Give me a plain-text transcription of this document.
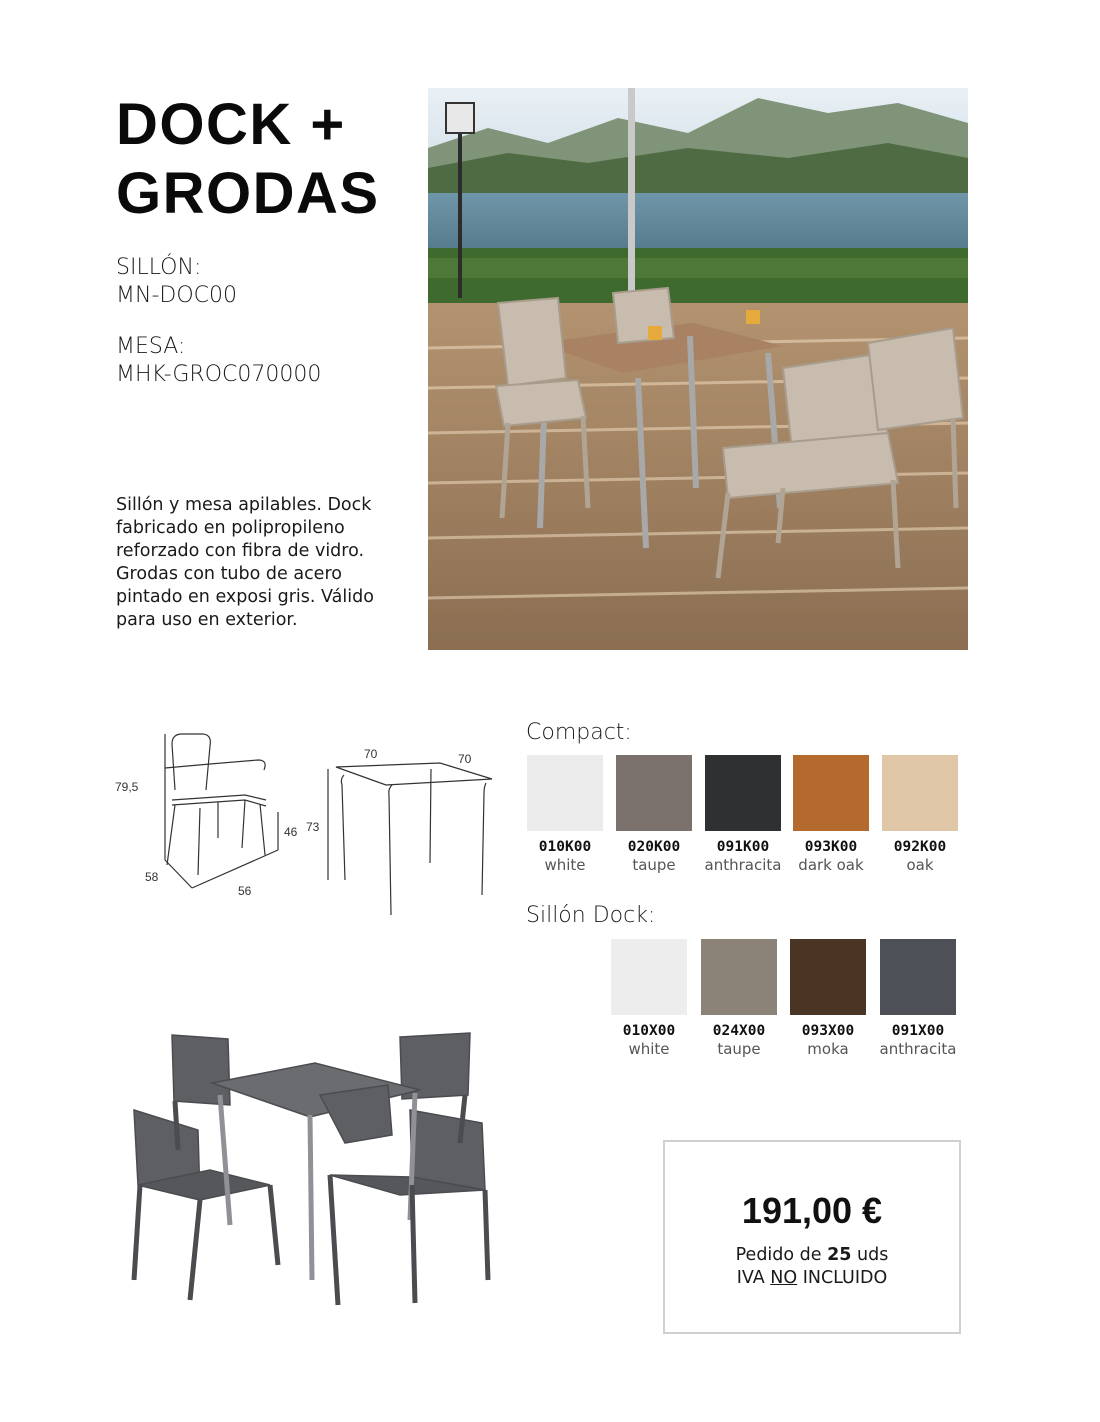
DOCK +
GRODAS
SILLÓN:
MN-DOC00
MESA:
MHK-GROC070000

Sillón y mesa apilables. Dock fabricado en polipropileno reforzado con fibra de vidro. Grodas con tubo de acero pintado en exposi gris. Válido para uso en exterior.

79,5
46
58
56
70	70
73
Compact:
010K00
white
020K00
taupe
091K00
anthracita
093K00
dark oak
092K00
oak
Sillón Dock:
010X00
white
024X00
taupe
093X00
moka
091X00
anthracita
191,00 €
Pedido de 25 uds
IVA NO INCLUIDO
